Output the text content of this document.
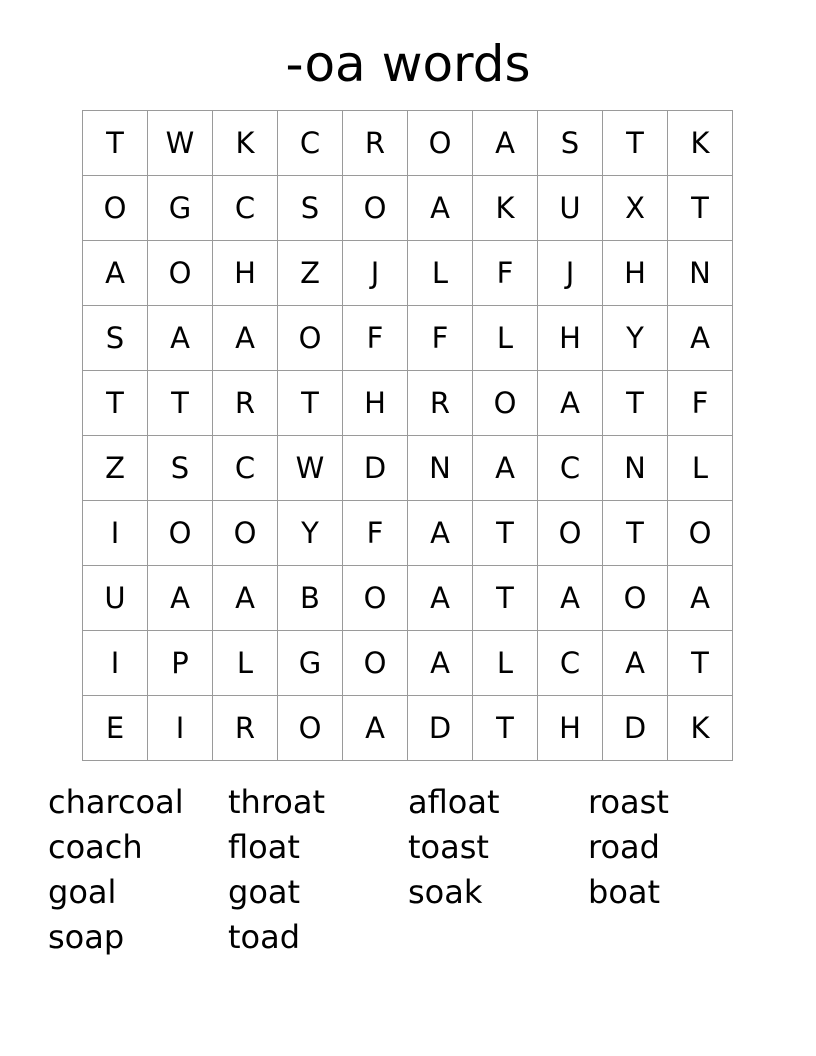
-oa words
T	W	K	C	R	O	A	S	T	K
O	G	C	S	O	A	K	U	X	T
A	O	H	Z	J	L	F	J	H	N
S	A	A	O	F	F	L	H	Y	A
T	T	R	T	H	R	O	A	T	F
Z	S	C	W	D	N	A	C	N	L
I	O	O	Y	F	A	T	O	T	O
U	A	A	B	O	A	T	A	O	A
I	P	L	G	O	A	L	C	A	T
E	I	R	O	A	D	T	H	D	K
charcoal
coach
goal
soap
throat
float
goat
toad
afloat
toast
soak
roast
road
boat
